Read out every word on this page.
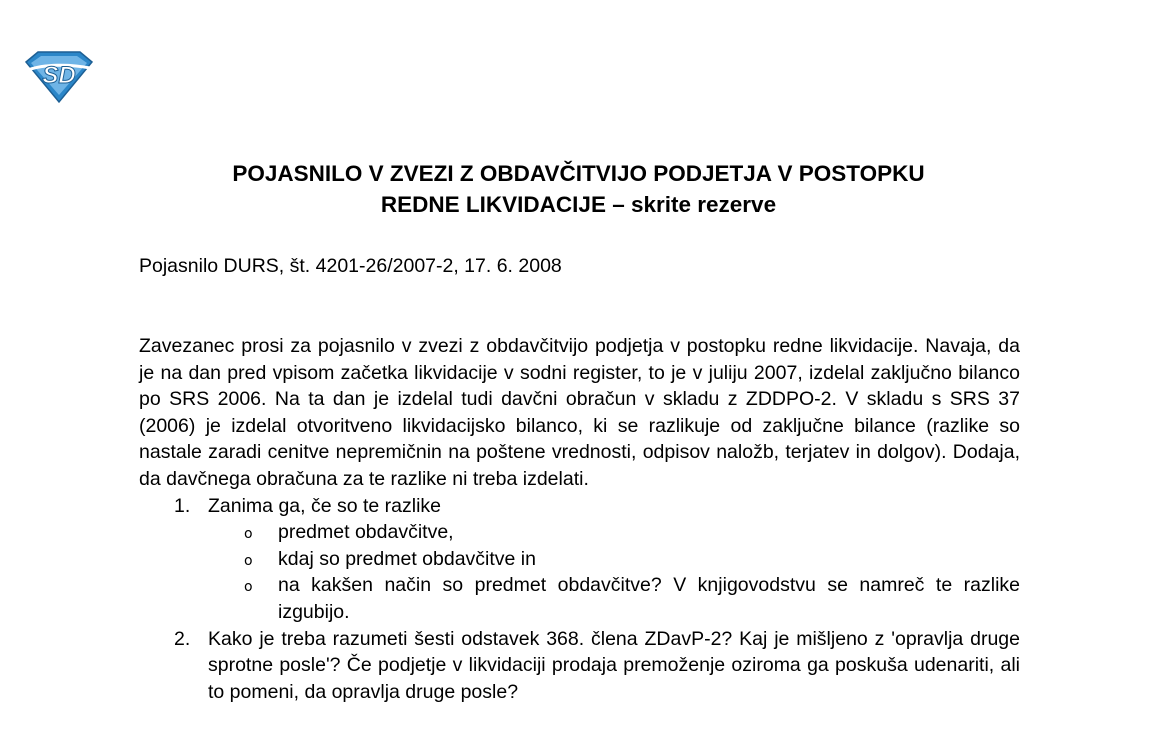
SD
POJASNILO V ZVEZI Z OBDAVČITVIJO PODJETJA V POSTOPKU
REDNE LIKVIDACIJE – skrite rezerve
Pojasnilo DURS, št. 4201-26/2007-2, 17. 6. 2008

Zavezanec prosi za pojasnilo v zvezi z obdavčitvijo podjetja v postopku redne likvidacije. Navaja, da je na dan pred vpisom začetka likvidacije v sodni register, to je v juliju 2007, izdelal zaključno bilanco po SRS 2006. Na ta dan je izdelal tudi davčni obračun v skladu z ZDDPO-2. V skladu s SRS 37 (2006) je izdelal otvoritveno likvidacijsko bilanco, ki se razlikuje od zaključne bilance (razlike so nastale zaradi cenitve nepremičnin na poštene vrednosti, odpisov naložb, terjatev in dolgov). Dodaja, da davčnega obračuna za te razlike ni treba izdelati.

1. Zanima ga, če so te razlike
o predmet obdavčitve,
o kdaj so predmet obdavčitve in
o na kakšen način so predmet obdavčitve? V knjigovodstvu se namreč te razlike izgubijo.
2. Kako je treba razumeti šesti odstavek 368. člena ZDavP-2? Kaj je mišljeno z 'opravlja druge sprotne posle'? Če podjetje v likvidaciji prodaja premoženje oziroma ga poskuša udenariti, ali to pomeni, da opravlja druge posle?
